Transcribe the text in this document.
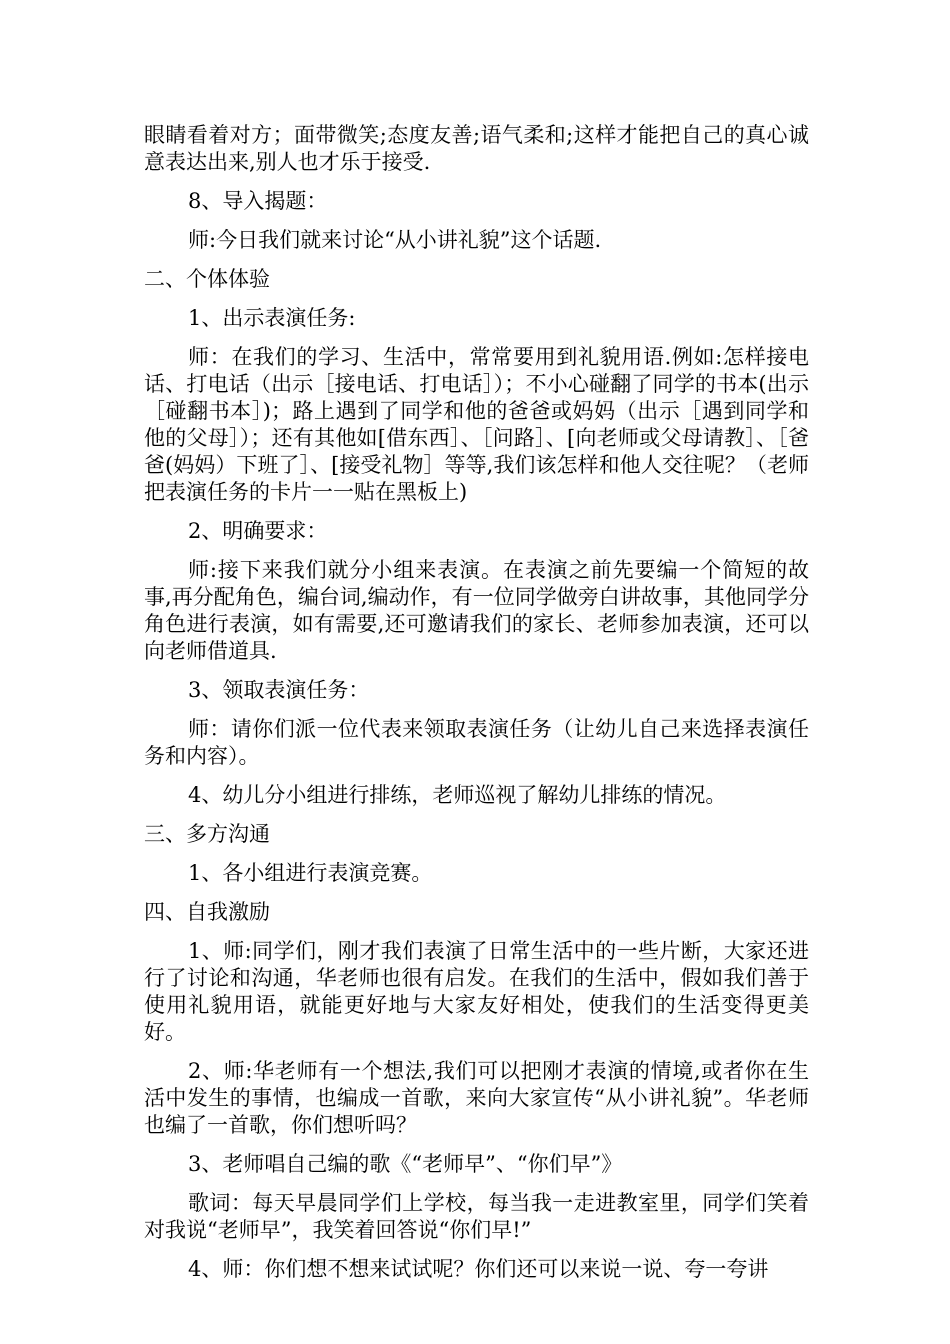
眼睛看着对方；面带微笑;态度友善;语气柔和;这样才能把自己的真心诚意表达出来,别人也才乐于接受.

8、导入揭题：

师:今日我们就来讨论“从小讲礼貌”这个话题.

二、个体体验

1、出示表演任务:

师：在我们的学习、生活中，常常要用到礼貌用语.例如:怎样接电话、打电话（出示［接电话、打电话］）；不小心碰翻了同学的书本(出示［碰翻书本］)；路上遇到了同学和他的爸爸或妈妈（出示［遇到同学和他的父母］）；还有其他如[借东西］、［问路］、[向老师或父母请教］、［爸爸(妈妈）下班了］、[接受礼物］等等,我们该怎样和他人交往呢？（老师把表演任务的卡片一一贴在黑板上)

2、明确要求：

师:接下来我们就分小组来表演。在表演之前先要编一个简短的故事,再分配角色，编台词,编动作，有一位同学做旁白讲故事，其他同学分角色进行表演，如有需要,还可邀请我们的家长、老师参加表演，还可以向老师借道具.

3、领取表演任务：

师：请你们派一位代表来领取表演任务（让幼儿自己来选择表演任务和内容）。

4、幼儿分小组进行排练，老师巡视了解幼儿排练的情况。

三、多方沟通

1、各小组进行表演竞赛。

四、自我激励

1、师:同学们，刚才我们表演了日常生活中的一些片断，大家还进行了讨论和沟通，华老师也很有启发。在我们的生活中，假如我们善于使用礼貌用语，就能更好地与大家友好相处，使我们的生活变得更美好。

2、师:华老师有一个想法,我们可以把刚才表演的情境,或者你在生活中发生的事情，也编成一首歌，来向大家宣传“从小讲礼貌”。华老师也编了一首歌，你们想听吗？

3、老师唱自己编的歌《“老师早”、“你们早”》

歌词：每天早晨同学们上学校，每当我一走进教室里，同学们笑着对我说“老师早”，我笑着回答说“你们早!”

4、师：你们想不想来试试呢？你们还可以来说一说、夸一夸讲
